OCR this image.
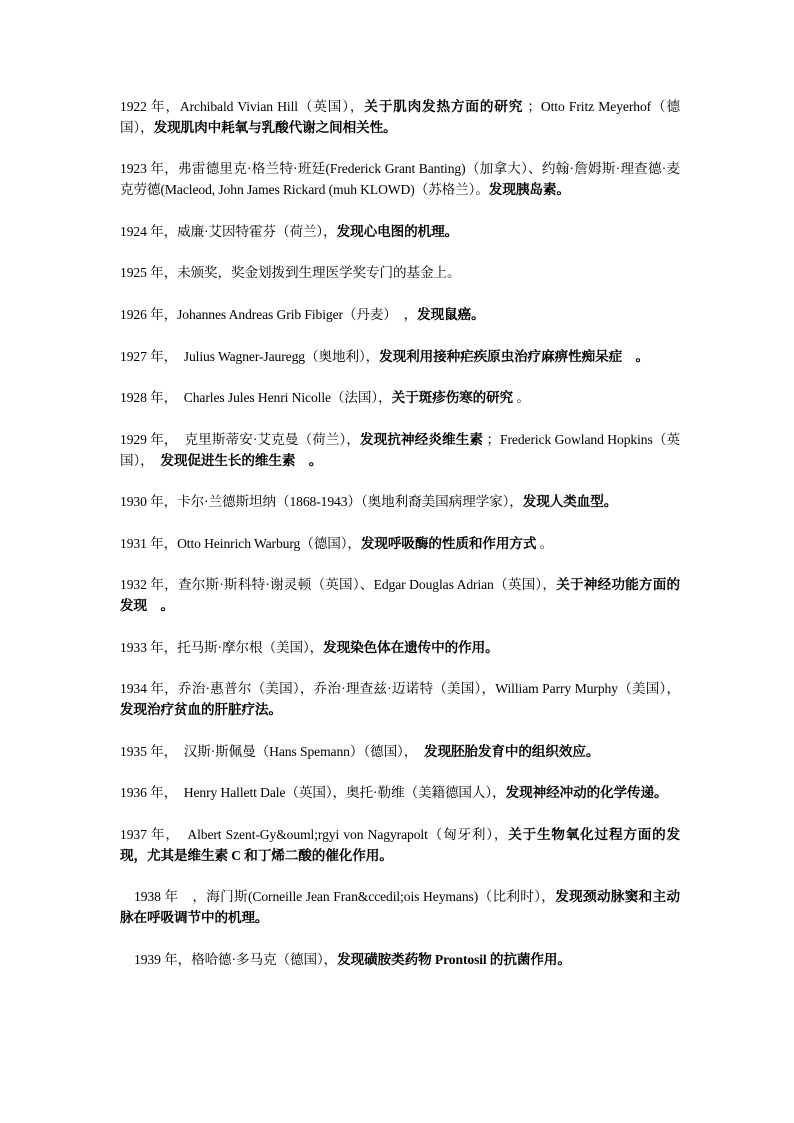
1922 年，Archibald Vivian Hill（英国），关于肌肉发热方面的研究 ；Otto Fritz Meyerhof（德国），发现肌肉中耗氧与乳酸代谢之间相关性。

1923 年，弗雷德里克·格兰特·班廷(Frederick Grant Banting)（加拿大）、约翰·詹姆斯·理查德·麦克劳德(Macleod, John James Rickard (muh KLOWD)（苏格兰）。发现胰岛素。

1924 年，威廉·艾因特霍芬（荷兰），发现心电图的机理。

1925 年，未颁奖，奖金划拨到生理医学奖专门的基金上。

1926 年，Johannes Andreas Grib Fibiger（丹麦）　，发现鼠癌。

1927 年，　Julius Wagner-Jauregg（奥地利），发现利用接种疟疾原虫治疗麻痹性痴呆症　。

1928 年，　Charles Jules Henri Nicolle（法国），关于斑疹伤寒的研究 。

1929 年，　克里斯蒂安·艾克曼（荷兰），发现抗神经炎维生素 ；Frederick Gowland Hopkins（英国），　发现促进生长的维生素　。

1930 年，卡尔·兰德斯坦纳（1868-1943）（奥地利裔美国病理学家），发现人类血型。

1931 年，Otto Heinrich Warburg（德国），发现呼吸酶的性质和作用方式 。

1932 年，查尔斯·斯科特·谢灵顿（英国）、Edgar Douglas Adrian（英国），关于神经功能方面的发现　。

1933 年，托马斯·摩尔根（美国），发现染色体在遗传中的作用。

1934 年，乔治·惠普尔（美国），乔治·理查兹·迈诺特（美国），William Parry Murphy（美国），发现治疗贫血的肝脏疗法。

1935 年，　汉斯·斯佩曼（Hans Spemann）（德国），　发现胚胎发育中的组织效应。

1936 年，　Henry Hallett Dale（英国），奥托·勒维（美籍德国人），发现神经冲动的化学传递。

1937 年，　Albert Szent-Gy&ouml;rgyi von Nagyrapolt（匈牙利），关于生物氧化过程方面的发现，尤其是维生素 C 和丁烯二酸的催化作用。

1938 年　，海门斯(Corneille Jean Fran&ccedil;ois Heymans)（比利时），发现颈动脉窦和主动脉在呼吸调节中的机理。

1939 年，格哈德·多马克（德国），发现磺胺类药物 Prontosil 的抗菌作用。
